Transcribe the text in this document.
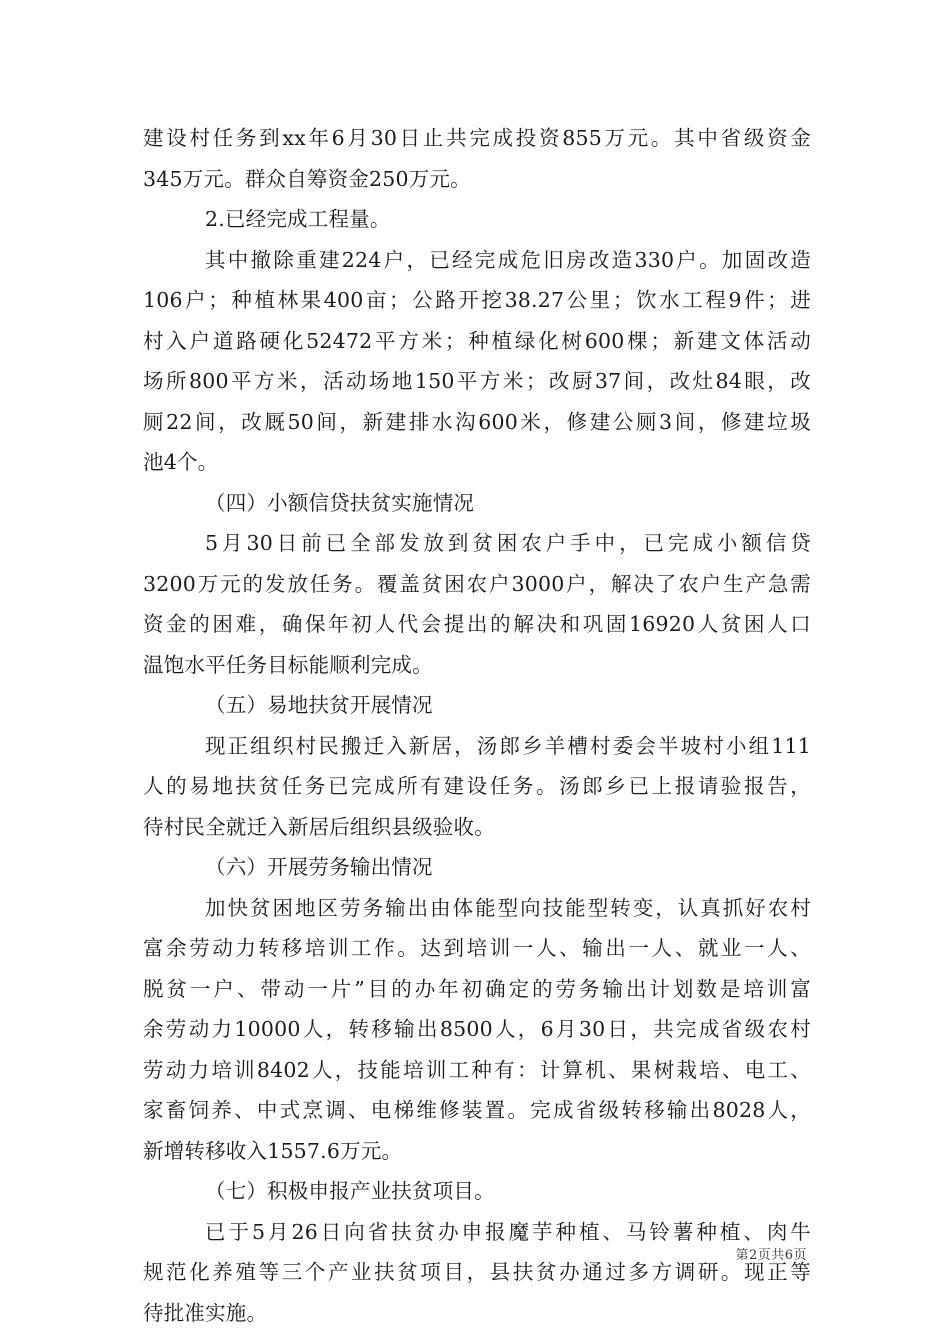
建设村任务到xx年6月30日止共完成投资855万元。其中省级资金
345万元。群众自筹资金250万元。
2.已经完成工程量。
其中撤除重建224户，已经完成危旧房改造330户。加固改造
106户；种植林果400亩；公路开挖38.27公里；饮水工程9件；进
村入户道路硬化52472平方米；种植绿化树600棵；新建文体活动
场所800平方米，活动场地150平方米；改厨37间，改灶84眼，改
厕22间，改厩50间，新建排水沟600米，修建公厕3间，修建垃圾
池4个。
（四）小额信贷扶贫实施情况
5月30日前已全部发放到贫困农户手中，已完成小额信贷
3200万元的发放任务。覆盖贫困农户3000户，解决了农户生产急需
资金的困难，确保年初人代会提出的解决和巩固16920人贫困人口
温饱水平任务目标能顺利完成。
（五）易地扶贫开展情况
现正组织村民搬迁入新居，汤郎乡羊槽村委会半坡村小组111
人的易地扶贫任务已完成所有建设任务。汤郎乡已上报请验报告，
待村民全就迁入新居后组织县级验收。
（六）开展劳务输出情况
加快贫困地区劳务输出由体能型向技能型转变，认真抓好农村
富余劳动力转移培训工作。达到培训一人、输出一人、就业一人、
脱贫一户、带动一片”目的办年初确定的劳务输出计划数是培训富
余劳动力10000人，转移输出8500人，6月30日，共完成省级农村
劳动力培训8402人，技能培训工种有：计算机、果树栽培、电工、
家畜饲养、中式烹调、电梯维修装置。完成省级转移输出8028人，
新增转移收入1557.6万元。
（七）积极申报产业扶贫项目。
已于5月26日向省扶贫办申报魔芋种植、马铃薯种植、肉牛
规范化养殖等三个产业扶贫项目，县扶贫办通过多方调研。现正等
待批准实施。
第2页共6页
